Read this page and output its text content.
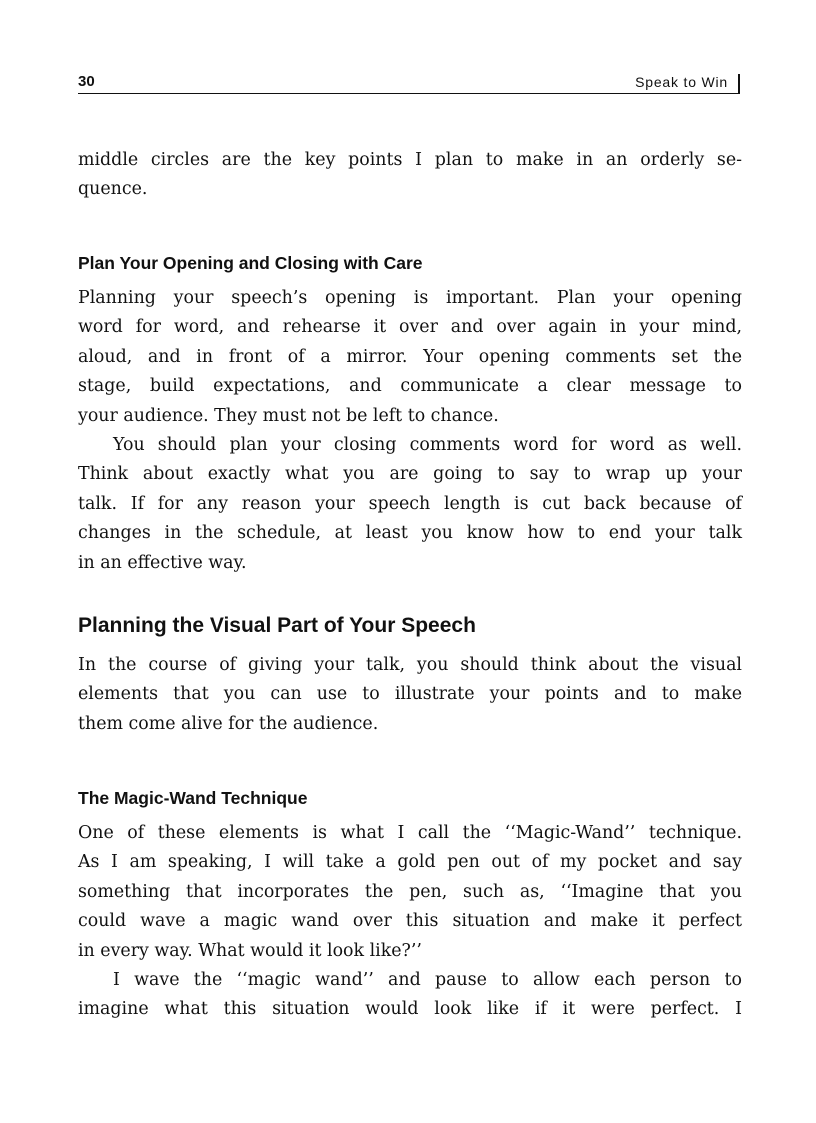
30	Speak to Win
middle circles are the key points I plan to make in an orderly se-
quence.
Plan Your Opening and Closing with Care
Planning your speech’s opening is important. Plan your opening
word for word, and rehearse it over and over again in your mind,
aloud, and in front of a mirror. Your opening comments set the
stage, build expectations, and communicate a clear message to
your audience. They must not be left to chance.
You should plan your closing comments word for word as well.
Think about exactly what you are going to say to wrap up your
talk. If for any reason your speech length is cut back because of
changes in the schedule, at least you know how to end your talk
in an effective way.
Planning the Visual Part of Your Speech
In the course of giving your talk, you should think about the visual
elements that you can use to illustrate your points and to make
them come alive for the audience.
The Magic-Wand Technique
One of these elements is what I call the ‘‘Magic-Wand’’ technique.
As I am speaking, I will take a gold pen out of my pocket and say
something that incorporates the pen, such as, ‘‘Imagine that you
could wave a magic wand over this situation and make it perfect
in every way. What would it look like?’’
I wave the ‘‘magic wand’’ and pause to allow each person to
imagine what this situation would look like if it were perfect. I
